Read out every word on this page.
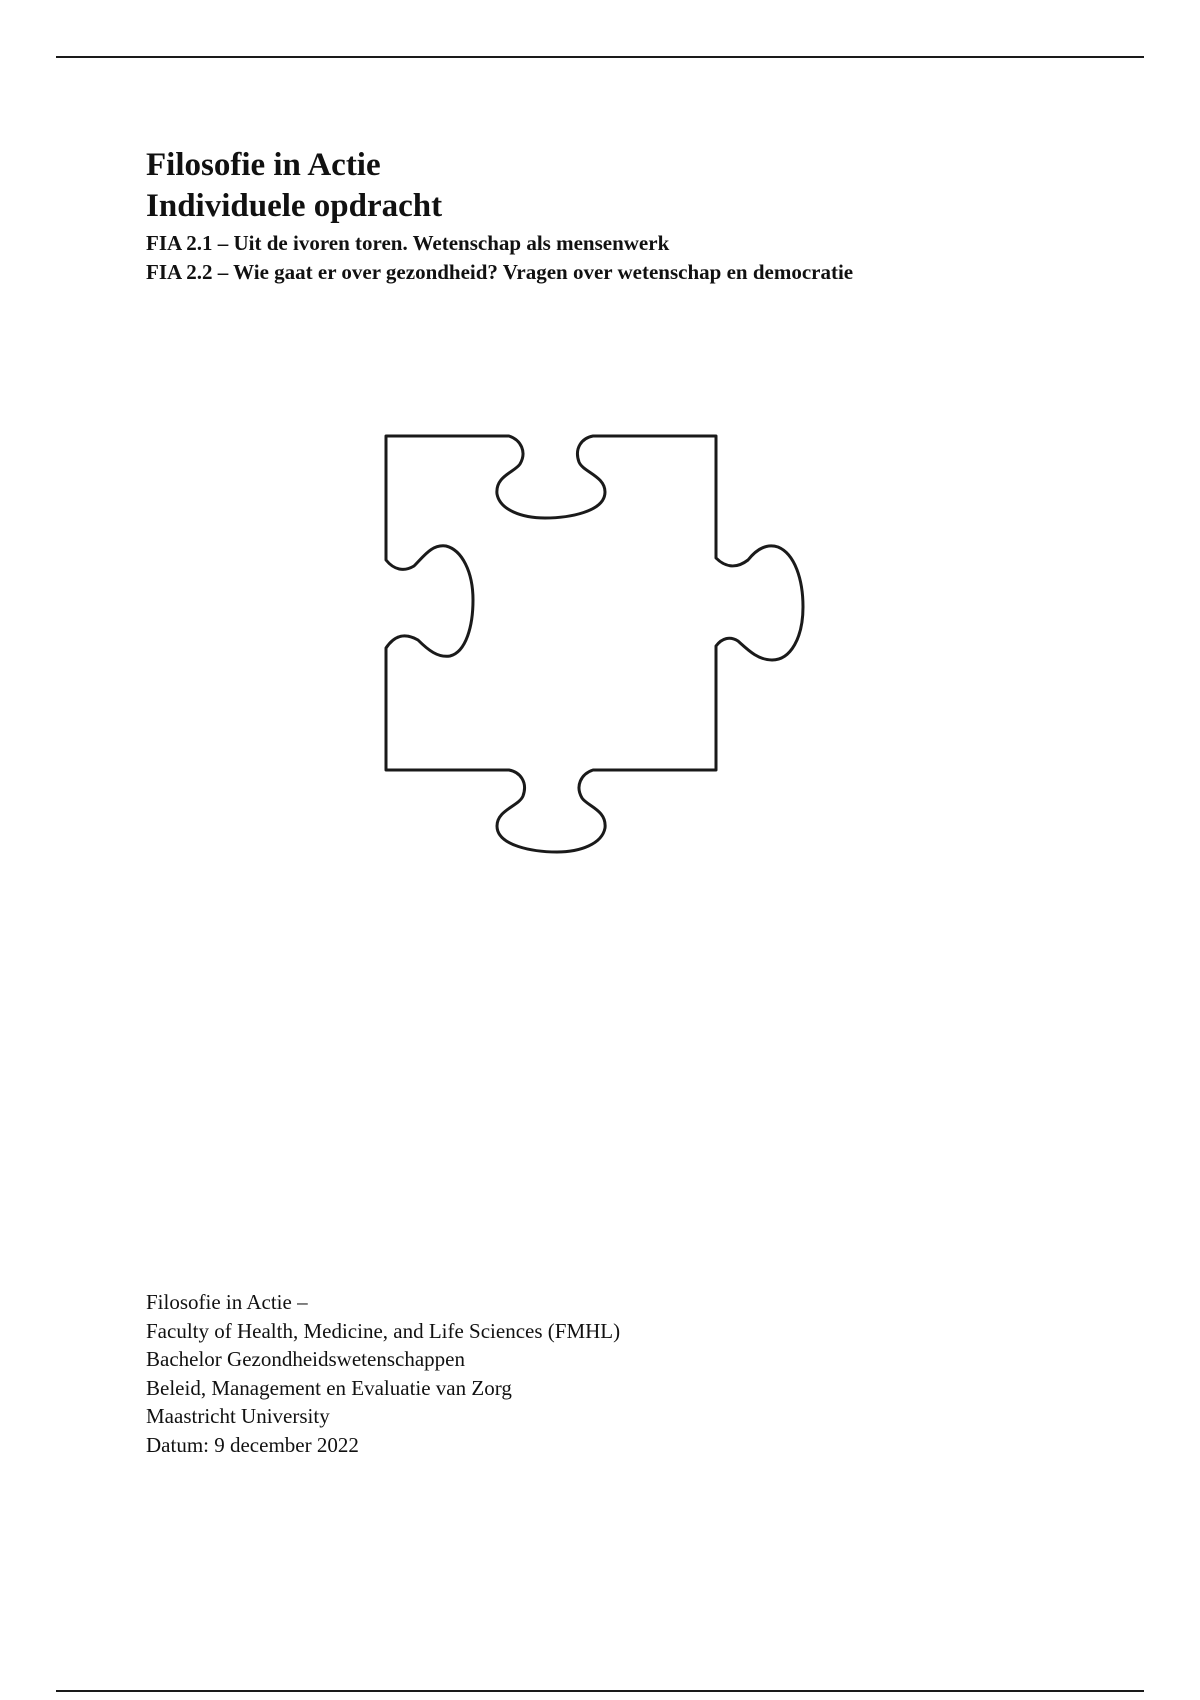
Filosofie in Actie
Individuele opdracht
FIA 2.1 – Uit de ivoren toren. Wetenschap als mensenwerk
FIA 2.2 – Wie gaat er over gezondheid? Vragen over wetenschap en democratie
Filosofie in Actie –
Faculty of Health, Medicine, and Life Sciences (FMHL)
Bachelor Gezondheidswetenschappen
Beleid, Management en Evaluatie van Zorg
Maastricht University
Datum: 9 december 2022
